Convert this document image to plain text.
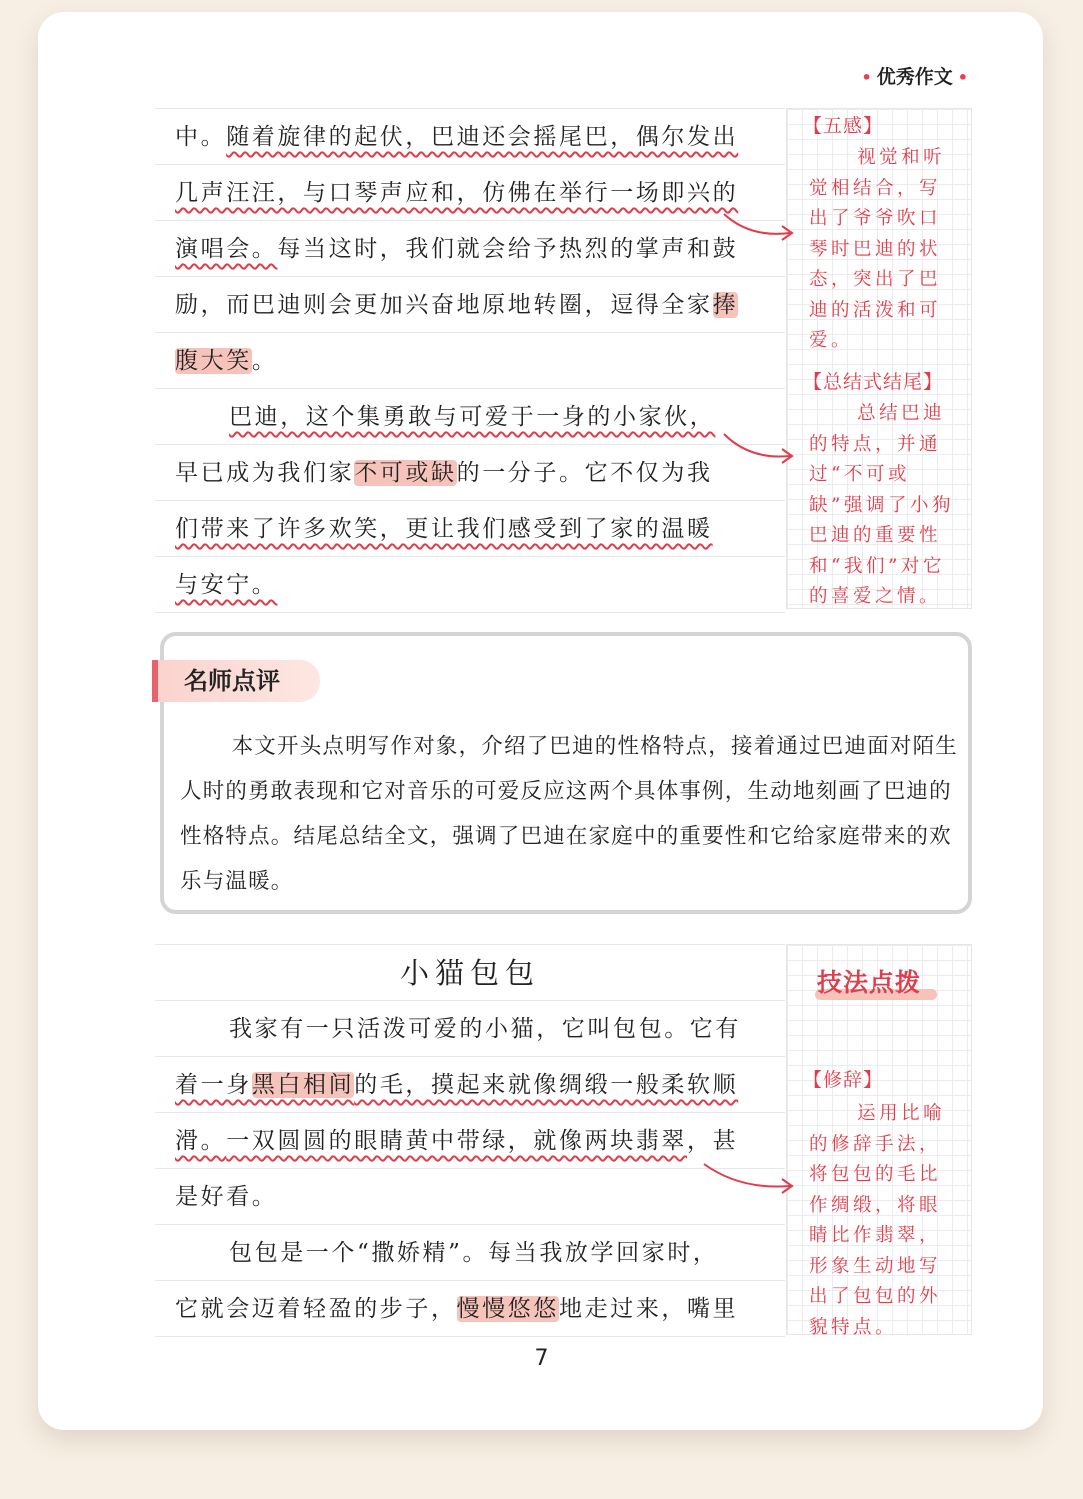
• 优秀作文 •
中。随着旋律的起伏，巴迪还会摇尾巴，偶尔发出
几声汪汪，与口琴声应和，仿佛在举行一场即兴的
演唱会。每当这时，我们就会给予热烈的掌声和鼓
励，而巴迪则会更加兴奋地原地转圈，逗得全家捧
腹大笑。
巴迪，这个集勇敢与可爱于一身的小家伙，
早已成为我们家不可或缺的一分子。它不仅为我
们带来了许多欢笑，更让我们感受到了家的温暖
与安宁。
【五感】
视觉和听觉相结合，写出了爷爷吹口琴时巴迪的状态，突出了巴迪的活泼和可爱。
【总结式结尾】
总结巴迪的特点，并通过“不可或缺”强调了小狗巴迪的重要性和“我们”对它的喜爱之情。
名师点评
本文开头点明写作对象，介绍了巴迪的性格特点，接着通过巴迪面对陌生人时的勇敢表现和它对音乐的可爱反应这两个具体事例，生动地刻画了巴迪的性格特点。结尾总结全文，强调了巴迪在家庭中的重要性和它给家庭带来的欢乐与温暖。
小猫包包
我家有一只活泼可爱的小猫，它叫包包。它有
着一身黑白相间的毛，摸起来就像绸缎一般柔软顺
滑。一双圆圆的眼睛黄中带绿，就像两块翡翠，甚
是好看。
包包是一个“撒娇精”。每当我放学回家时，
它就会迈着轻盈的步子，慢慢悠悠地走过来，嘴里
技法点拨
【修辞】
运用比喻的修辞手法，将包包的毛比作绸缎，将眼睛比作翡翠，形象生动地写出了包包的外貌特点。
7
